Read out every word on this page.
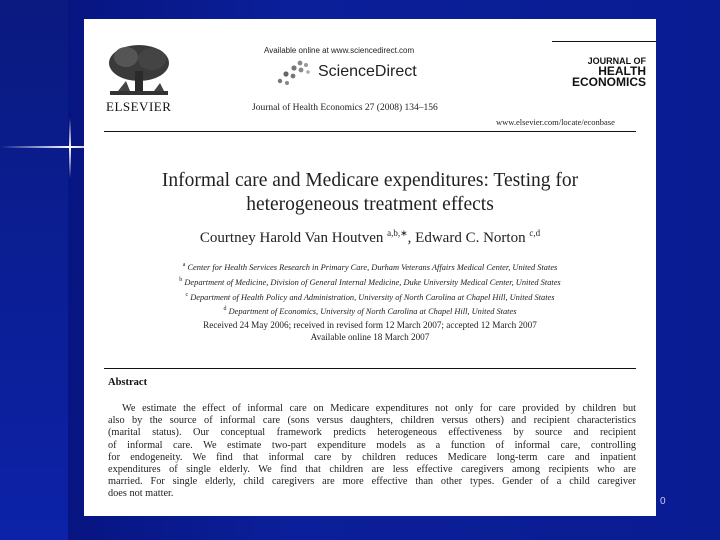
ELSEVIER
Available online at www.sciencedirect.com
ScienceDirect
Journal of Health Economics 27 (2008) 134–156
JOURNAL OF
HEALTH
ECONOMICS
www.elsevier.com/locate/econbase
Informal care and Medicare expenditures: Testing for
heterogeneous treatment effects
Courtney Harold Van Houtven $^{a,b,∗}$, Edward C. Norton $^{c,d}$
$^a$ Center for Health Services Research in Primary Care, Durham Veterans Affairs Medical Center, United States
$^b$ Department of Medicine, Division of General Internal Medicine, Duke University Medical Center, United States
$^c$ Department of Health Policy and Administration, University of North Carolina at Chapel Hill, United States
$^d$ Department of Economics, University of North Carolina at Chapel Hill, United States
Received 24 May 2006; received in revised form 12 March 2007; accepted 12 March 2007
Available online 18 March 2007
Abstract
We estimate the effect of informal care on Medicare expenditures not only for care provided by children but
also by the source of informal care (sons versus daughters, children versus others) and recipient characteristics
(marital status). Our conceptual framework predicts heterogeneous effectiveness by source and recipient
of informal care. We estimate two-part expenditure models as a function of informal care, controlling
for endogeneity. We find that informal care by children reduces Medicare long-term care and inpatient
expenditures of single elderly. We find that children are less effective caregivers among recipients who are
married. For single elderly, child caregivers are more effective than other types. Gender of a child caregiver
does not matter.
0
